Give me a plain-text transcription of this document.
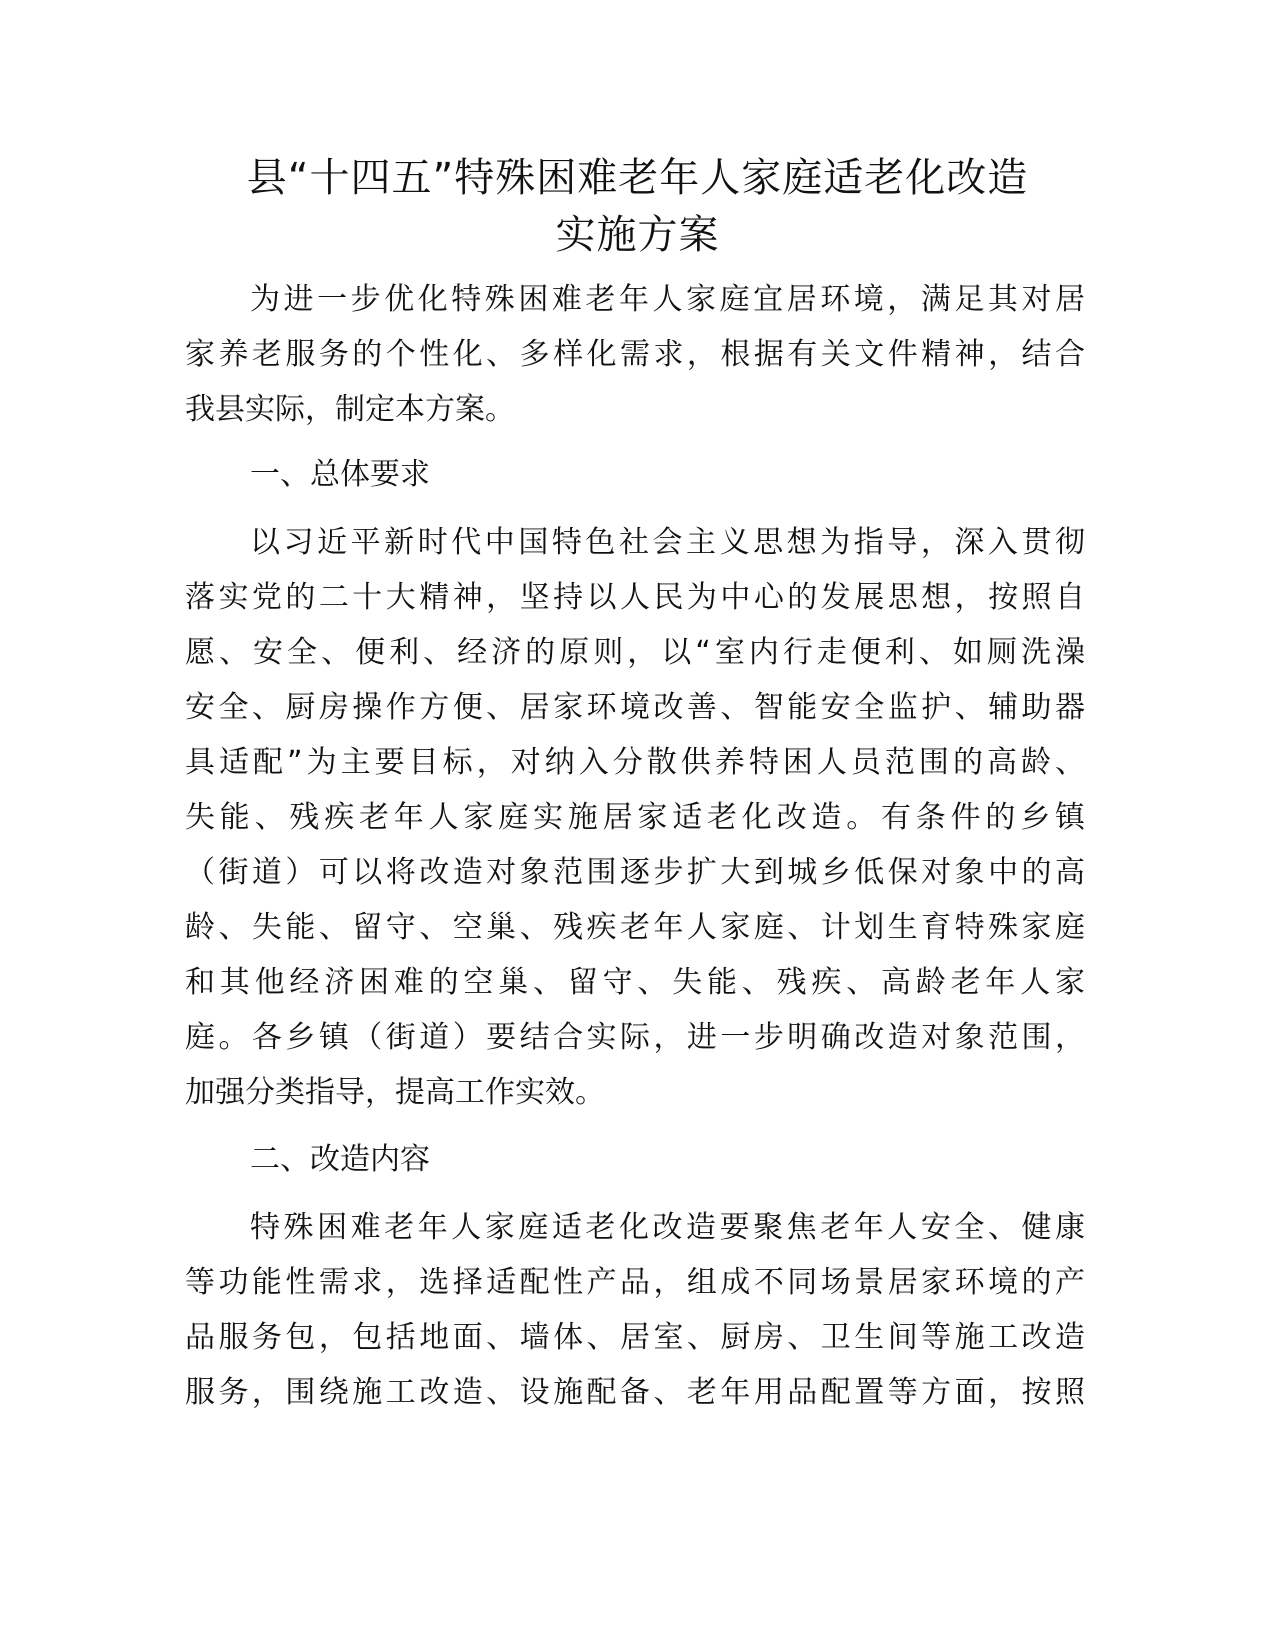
县“十四五”特殊困难老年人家庭适老化改造
实施方案

为进一步优化特殊困难老年人家庭宜居环境，满足其对居

家养老服务的个性化、多样化需求，根据有关文件精神，结合

我县实际，制定本方案。

一、总体要求

以习近平新时代中国特色社会主义思想为指导，深入贯彻

落实党的二十大精神，坚持以人民为中心的发展思想，按照自

愿、安全、便利、经济的原则，以“室内行走便利、如厕洗澡

安全、厨房操作方便、居家环境改善、智能安全监护、辅助器

具适配”为主要目标，对纳入分散供养特困人员范围的高龄、

失能、残疾老年人家庭实施居家适老化改造。有条件的乡镇

（街道）可以将改造对象范围逐步扩大到城乡低保对象中的高

龄、失能、留守、空巢、残疾老年人家庭、计划生育特殊家庭

和其他经济困难的空巢、留守、失能、残疾、高龄老年人家

庭。各乡镇（街道）要结合实际，进一步明确改造对象范围，

加强分类指导，提高工作实效。

二、改造内容

特殊困难老年人家庭适老化改造要聚焦老年人安全、健康

等功能性需求，选择适配性产品，组成不同场景居家环境的产

品服务包，包括地面、墙体、居室、厨房、卫生间等施工改造

服务，围绕施工改造、设施配备、老年用品配置等方面，按照
